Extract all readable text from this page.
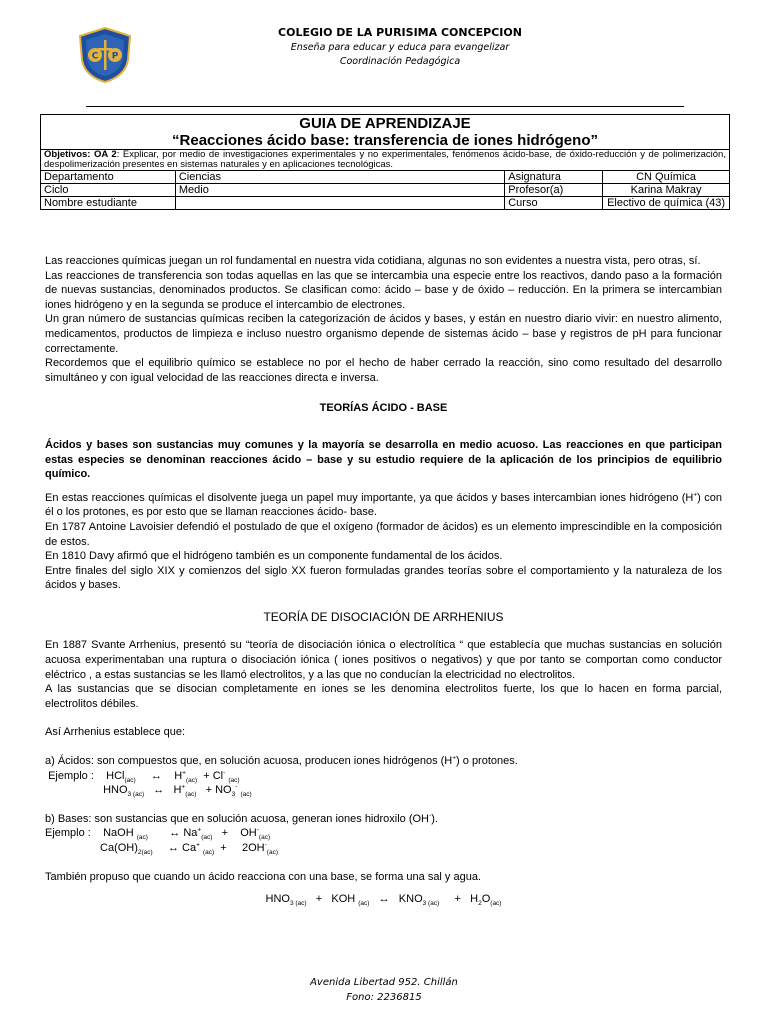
C P
COLEGIO DE LA PURISIMA CONCEPCION
Enseña para educar y educa para evangelizar
Coordinación Pedagógica
GUIA DE APRENDIZAJE
“Reacciones ácido base: transferencia de iones hidrógeno”			

Objetivos: OA 2: Explicar, por medio de investigaciones experimentales y no experimentales, fenómenos ácido-base, de óxido-reducción y de polimerización, despolimerización presentes en sistemas naturales y en aplicaciones tecnológicas.			
Departamento	Ciencias	Asignatura	CN Química
Ciclo	Medio	Profesor(a)	Karina Makray
Nombre estudiante		Curso	Electivo de química (43)

Las reacciones químicas juegan un rol fundamental en nuestra vida cotidiana, algunas no son evidentes a nuestra vista, pero otras, sí.

Las reacciones de transferencia son todas aquellas en las que se intercambia una especie entre los reactivos, dando paso a la formación de nuevas sustancias, denominados productos. Se clasifican como: ácido – base y de óxido – reducción. En la primera se intercambian iones hidrógeno y en la segunda se produce el intercambio de electrones.

Un gran número de sustancias químicas reciben la categorización de ácidos y bases, y están en nuestro diario vivir: en nuestro alimento, medicamentos, productos de limpieza e incluso nuestro organismo depende de sistemas ácido – base y registros de pH para funcionar correctamente.

Recordemos que el equilibrio químico se establece no por el hecho de haber cerrado la reacción, sino como resultado del desarrollo simultáneo y con igual velocidad de las reacciones directa e inversa.

TEORÍAS ÁCIDO - BASE

Ácidos y bases son sustancias muy comunes y la mayoría se desarrolla en medio acuoso. Las reacciones en que participan estas especies se denominan reacciones ácido – base y su estudio requiere de la aplicación de los principios de equilibrio químico.

En estas reacciones químicas el disolvente juega un papel muy importante, ya que ácidos y bases intercambian iones hidrógeno (H+) con él o los protones, es por esto que se llaman reacciones ácido- base.

En 1787 Antoine Lavoisier defendió el postulado de que el oxígeno (formador de ácidos) es un elemento imprescindible en la composición de estos.

En 1810 Davy afirmó que el hidrógeno también es un componente fundamental de los ácidos.

Entre finales del siglo XIX y comienzos del siglo XX fueron formuladas grandes teorías sobre el comportamiento y la naturaleza de los ácidos y bases.

TEORÍA DE DISOCIACIÓN DE ARRHENIUS

En 1887 Svante Arrhenius, presentó su “teoría de disociación iónica o electrolítica “ que establecía que muchas sustancias en solución acuosa experimentaban una ruptura o disociación iónica ( iones positivos o negativos) y que por tanto se comportan como conductor eléctrico , a estas sustancias se les llamó electrolitos, y a las que no conducían la electricidad no electrolitos.

A las sustancias que se disocian completamente en iones se les denomina electrolitos fuerte, los que lo hacen en forma parcial, electrolitos débiles.

Así Arrhenius establece que:

a) Ácidos: son compuestos que, en solución acuosa, producen iones hidrógenos (H+) o protones.

Ejemplo :    HCl$_{(ac)}$     ↔    $H^+_{(ac)} + Cl^-$ $_{(ac)}$

$HNO_{3 (ac)}$   ↔   $H^+_{(ac)} + NO_3^-$ $_{(ac)}$

b) Bases: son sustancias que en solución acuosa, generan iones hidroxilo (OH-).

Ejemplo :    NaOH $_{(ac)}$       ↔ $Na^+_{(ac)}$   +    $OH^-_{(ac)}$

$Ca(OH)_{2(ac)}$     ↔ Ca+ $_{(ac)}$  +     $2OH^-_{(ac)}$

También propuso que cuando un ácido reacciona con una base, se forma una sal y agua.

$HNO_{3 (ac)}$   +   KOH $_{(ac)}$   ↔   $KNO_{3 (ac)}$     +   $H_2O_{(ac)}$

Avenida Libertad 952. Chillán
Fono: 2236815
